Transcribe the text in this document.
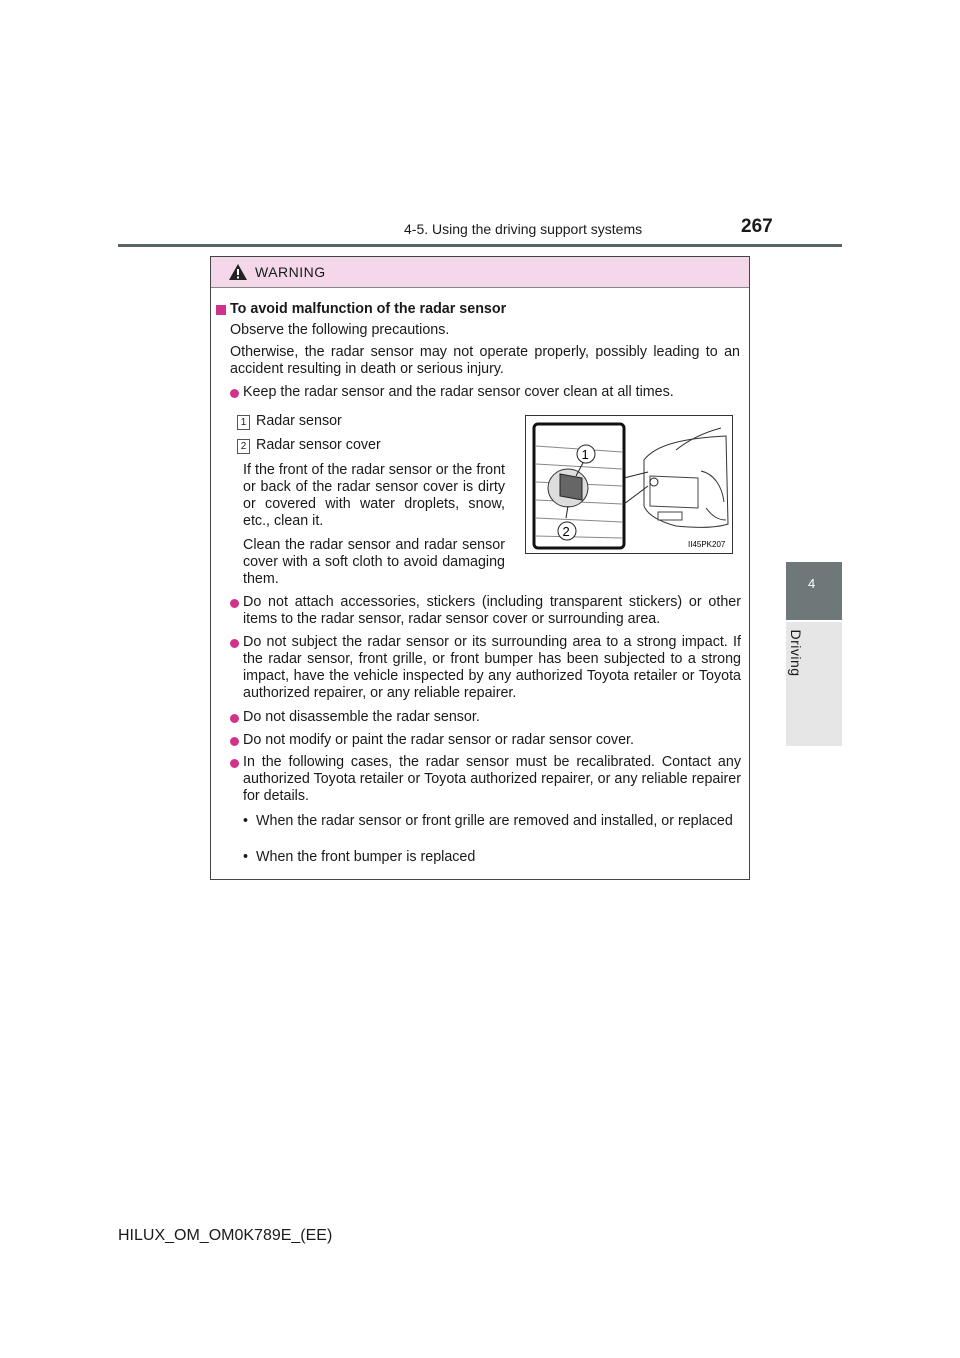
4-5. Using the driving support systems	267
4
Driving
WARNING
To avoid malfunction of the radar sensor
Observe the following precautions.
Otherwise, the radar sensor may not operate properly, possibly leading to an accident resulting in death or serious injury.
Keep the radar sensor and the radar sensor cover clean at all times.
1 Radar sensor
2 Radar sensor cover
If the front of the radar sensor or the front or back of the radar sensor cover is dirty or covered with water droplets, snow, etc., clean it.
Clean the radar sensor and radar sensor cover with a soft cloth to avoid damaging them.
1
2
II45PK207
Do not attach accessories, stickers (including transparent stickers) or other items to the radar sensor, radar sensor cover or surrounding area.
Do not subject the radar sensor or its surrounding area to a strong impact. If the radar sensor, front grille, or front bumper has been subjected to a strong impact, have the vehicle inspected by any authorized Toyota retailer or Toyota authorized repairer, or any reliable repairer.
Do not disassemble the radar sensor.
Do not modify or paint the radar sensor or radar sensor cover.
In the following cases, the radar sensor must be recalibrated. Contact any authorized Toyota retailer or Toyota authorized repairer, or any reliable repairer for details.
• When the radar sensor or front grille are removed and installed, or replaced
• When the front bumper is replaced
HILUX_OM_OM0K789E_(EE)
